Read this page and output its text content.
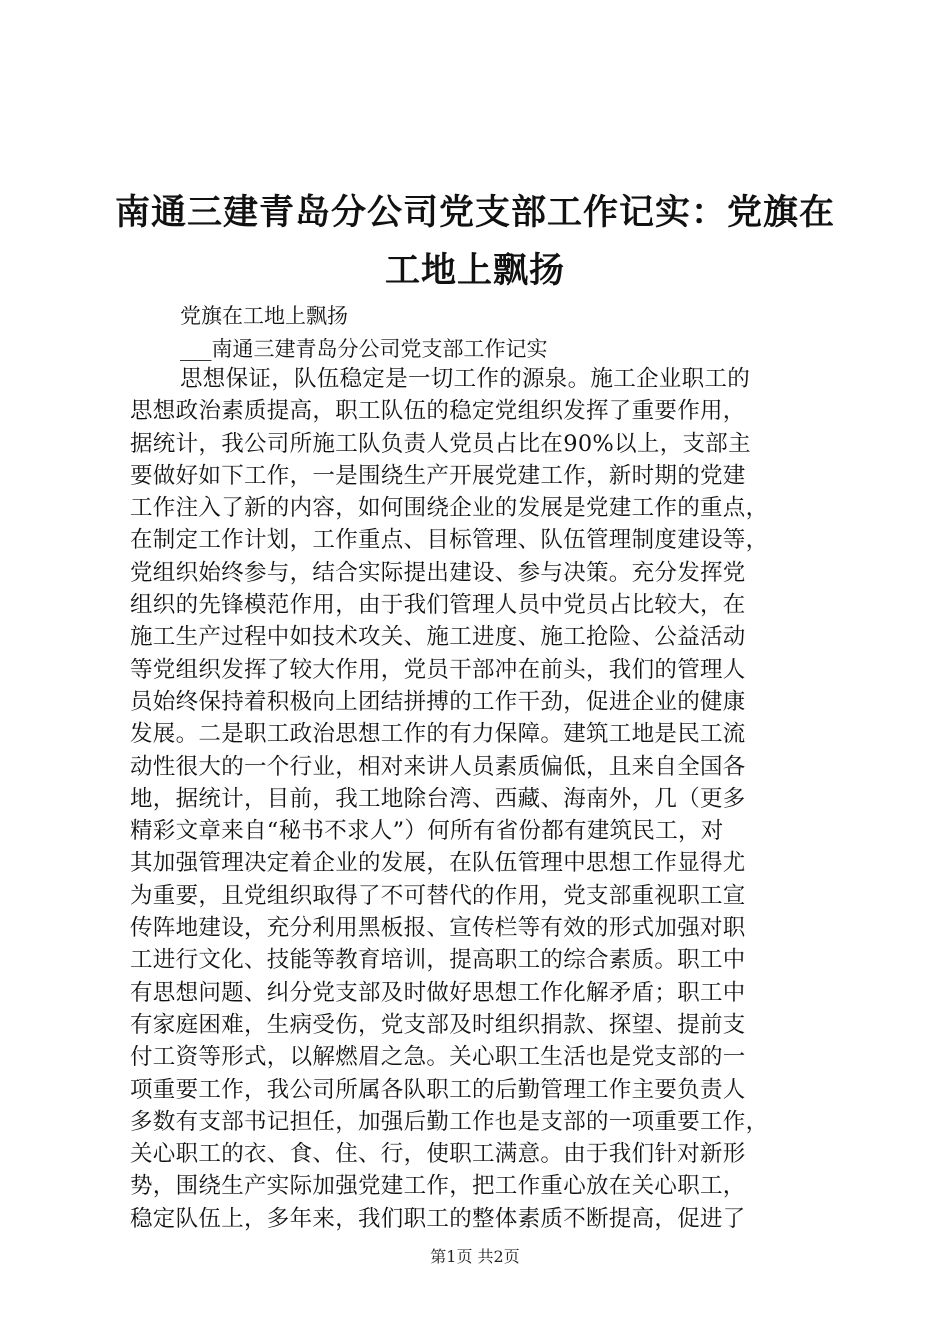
南通三建青岛分公司党支部工作记实：党旗在
工地上飘扬
党旗在工地上飘扬
___南通三建青岛分公司党支部工作记实
思想保证，队伍稳定是一切工作的源泉。施工企业职工的
思想政治素质提高，职工队伍的稳定党组织发挥了重要作用，
据统计，我公司所施工队负责人党员占比在90%以上，支部主
要做好如下工作，一是围绕生产开展党建工作，新时期的党建
工作注入了新的内容，如何围绕企业的发展是党建工作的重点，
在制定工作计划，工作重点、目标管理、队伍管理制度建设等，
党组织始终参与，结合实际提出建设、参与决策。充分发挥党
组织的先锋模范作用，由于我们管理人员中党员占比较大，在
施工生产过程中如技术攻关、施工进度、施工抢险、公益活动
等党组织发挥了较大作用，党员干部冲在前头，我们的管理人
员始终保持着积极向上团结拼搏的工作干劲，促进企业的健康
发展。二是职工政治思想工作的有力保障。建筑工地是民工流
动性很大的一个行业，相对来讲人员素质偏低，且来自全国各
地，据统计，目前，我工地除台湾、西藏、海南外，几（更多
精彩文章来自“秘书不求人”）何所有省份都有建筑民工，对
其加强管理决定着企业的发展，在队伍管理中思想工作显得尤
为重要，且党组织取得了不可替代的作用，党支部重视职工宣
传阵地建设，充分利用黑板报、宣传栏等有效的形式加强对职
工进行文化、技能等教育培训，提高职工的综合素质。职工中
有思想问题、纠分党支部及时做好思想工作化解矛盾；职工中
有家庭困难，生病受伤，党支部及时组织捐款、探望、提前支
付工资等形式，以解燃眉之急。关心职工生活也是党支部的一
项重要工作，我公司所属各队职工的后勤管理工作主要负责人
多数有支部书记担任，加强后勤工作也是支部的一项重要工作，
关心职工的衣、食、住、行，使职工满意。由于我们针对新形
势，围绕生产实际加强党建工作，把工作重心放在关心职工，
稳定队伍上，多年来，我们职工的整体素质不断提高，促进了
第1页 共2页
